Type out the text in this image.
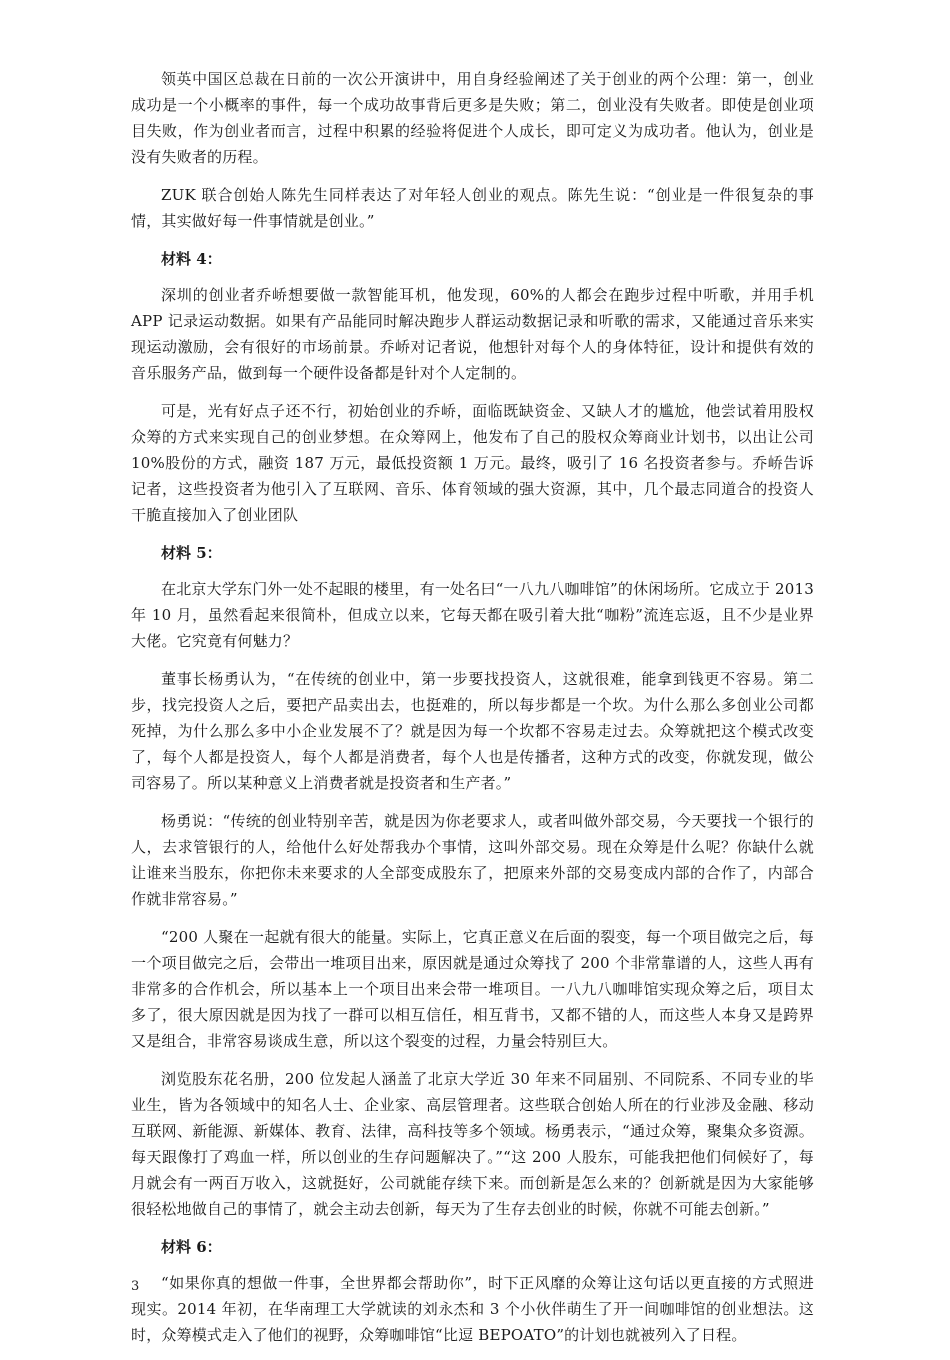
领英中国区总裁在日前的一次公开演讲中，用自身经验阐述了关于创业的两个公理：第一，创业成功是一个小概率的事件，每一个成功故事背后更多是失败；第二，创业没有失败者。即使是创业项目失败，作为创业者而言，过程中积累的经验将促进个人成长，即可定义为成功者。他认为，创业是没有失败者的历程。

ZUK 联合创始人陈先生同样表达了对年轻人创业的观点。陈先生说：“创业是一件很复杂的事情，其实做好每一件事情就是创业。”

材料 4：

深圳的创业者乔峤想要做一款智能耳机，他发现，60%的人都会在跑步过程中听歌，并用手机 APP 记录运动数据。如果有产品能同时解决跑步人群运动数据记录和听歌的需求，又能通过音乐来实现运动激励，会有很好的市场前景。乔峤对记者说，他想针对每个人的身体特征，设计和提供有效的音乐服务产品，做到每一个硬件设备都是针对个人定制的。

可是，光有好点子还不行，初始创业的乔峤，面临既缺资金、又缺人才的尴尬，他尝试着用股权众筹的方式来实现自己的创业梦想。在众筹网上，他发布了自己的股权众筹商业计划书，以出让公司 10%股份的方式，融资 187 万元，最低投资额 1 万元。最终，吸引了 16 名投资者参与。乔峤告诉记者，这些投资者为他引入了互联网、音乐、体育领域的强大资源，其中，几个最志同道合的投资人干脆直接加入了创业团队

材料 5：

在北京大学东门外一处不起眼的楼里，有一处名曰“一八九八咖啡馆”的休闲场所。它成立于 2013 年 10 月，虽然看起来很简朴，但成立以来，它每天都在吸引着大批“咖粉”流连忘返，且不少是业界大佬。它究竟有何魅力？

董事长杨勇认为，“在传统的创业中，第一步要找投资人，这就很难，能拿到钱更不容易。第二步，找完投资人之后，要把产品卖出去，也挺难的，所以每步都是一个坎。为什么那么多创业公司都死掉，为什么那么多中小企业发展不了？就是因为每一个坎都不容易走过去。众筹就把这个模式改变了，每个人都是投资人，每个人都是消费者，每个人也是传播者，这种方式的改变，你就发现，做公司容易了。所以某种意义上消费者就是投资者和生产者。”

杨勇说：“传统的创业特别辛苦，就是因为你老要求人，或者叫做外部交易，今天要找一个银行的人，去求管银行的人，给他什么好处帮我办个事情，这叫外部交易。现在众筹是什么呢？你缺什么就让谁来当股东，你把你未来要求的人全部变成股东了，把原来外部的交易变成内部的合作了，内部合作就非常容易。”

“200 人聚在一起就有很大的能量。实际上，它真正意义在后面的裂变，每一个项目做完之后，每一个项目做完之后，会带出一堆项目出来，原因就是通过众筹找了 200 个非常靠谱的人，这些人再有非常多的合作机会，所以基本上一个项目出来会带一堆项目。一八九八咖啡馆实现众筹之后，项目太多了，很大原因就是因为找了一群可以相互信任，相互背书，又都不错的人，而这些人本身又是跨界又是组合，非常容易谈成生意，所以这个裂变的过程，力量会特别巨大。

浏览股东花名册，200 位发起人涵盖了北京大学近 30 年来不同届别、不同院系、不同专业的毕业生，皆为各领域中的知名人士、企业家、高层管理者。这些联合创始人所在的行业涉及金融、移动互联网、新能源、新媒体、教育、法律，高科技等多个领域。杨勇表示，“通过众筹，聚集众多资源。每天跟像打了鸡血一样，所以创业的生存问题解决了。”“这 200 人股东，可能我把他们伺候好了，每月就会有一两百万收入，这就挺好，公司就能存续下来。而创新是怎么来的？创新就是因为大家能够很轻松地做自己的事情了，就会主动去创新，每天为了生存去创业的时候，你就不可能去创新。”

材料 6：

“如果你真的想做一件事，全世界都会帮助你”，时下正风靡的众筹让这句话以更直接的方式照进现实。2014 年初，在华南理工大学就读的刘永杰和 3 个小伙伴萌生了开一间咖啡馆的创业想法。这时，众筹模式走入了他们的视野，众筹咖啡馆“比逗 BEPOATO”的计划也就被列入了日程。

3
